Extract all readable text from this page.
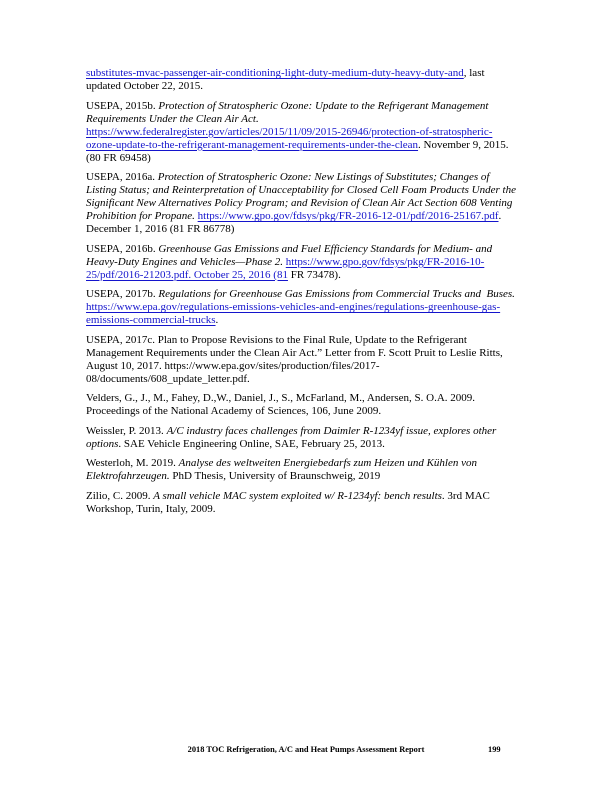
substitutes-mvac-passenger-air-conditioning-light-duty-medium-duty-heavy-duty-and, last
updated October 22, 2015.

USEPA, 2015b. Protection of Stratospheric Ozone: Update to the Refrigerant Management
Requirements Under the Clean Air Act.
https://www.federalregister.gov/articles/2015/11/09/2015-26946/protection-of-stratospheric-
ozone-update-to-the-refrigerant-management-requirements-under-the-clean. November 9, 2015.
(80 FR 69458)

USEPA, 2016a. Protection of Stratospheric Ozone: New Listings of Substitutes; Changes of
Listing Status; and Reinterpretation of Unacceptability for Closed Cell Foam Products Under the
Significant New Alternatives Policy Program; and Revision of Clean Air Act Section 608 Venting
Prohibition for Propane. https://www.gpo.gov/fdsys/pkg/FR-2016-12-01/pdf/2016-25167.pdf.
December 1, 2016 (81 FR 86778)

USEPA, 2016b. Greenhouse Gas Emissions and Fuel Efficiency Standards for Medium- and
Heavy-Duty Engines and Vehicles—Phase 2. https://www.gpo.gov/fdsys/pkg/FR-2016-10-
25/pdf/2016-21203.pdf. October 25, 2016 (81 FR 73478).

USEPA, 2017b. Regulations for Greenhouse Gas Emissions from Commercial Trucks and  Buses.
https://www.epa.gov/regulations-emissions-vehicles-and-engines/regulations-greenhouse-gas-
emissions-commercial-trucks.

USEPA, 2017c. Plan to Propose Revisions to the Final Rule, Update to the Refrigerant
Management Requirements under the Clean Air Act.” Letter from F. Scott Pruit to Leslie Ritts,
August 10, 2017. https://www.epa.gov/sites/production/files/2017-
08/documents/608_update_letter.pdf.

Velders, G., J., M., Fahey, D.,W., Daniel, J., S., McFarland, M., Andersen, S. O.A. 2009.
Proceedings of the National Academy of Sciences, 106, June 2009.

Weissler, P. 2013. A/C industry faces challenges from Daimler R-1234yf issue, explores other
options. SAE Vehicle Engineering Online, SAE, February 25, 2013.

Westerloh, M. 2019. Analyse des weltweiten Energiebedarfs zum Heizen und Kühlen von
Elektrofahrzeugen. PhD Thesis, University of Braunschweig, 2019

Zilio, C. 2009. A small vehicle MAC system exploited w/ R-1234yf: bench results. 3rd MAC
Workshop, Turin, Italy, 2009.

2018 TOC Refrigeration, A/C and Heat Pumps Assessment Report	199
